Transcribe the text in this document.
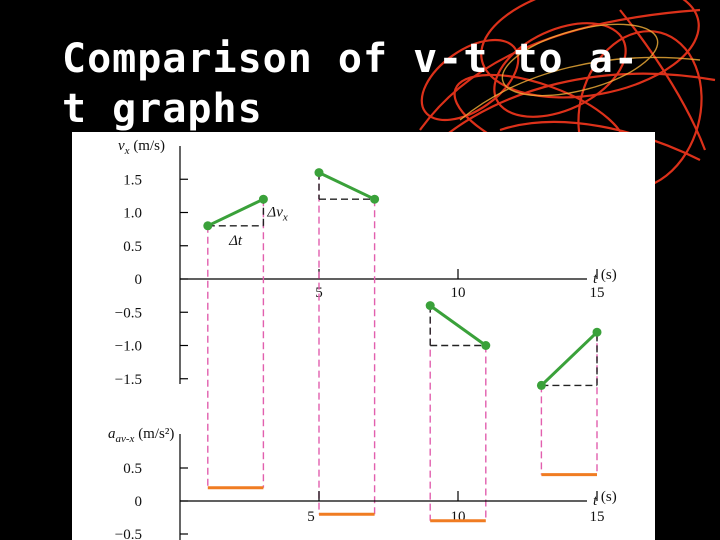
Comparison of v-t to a-t graphs
$v_x$ (m/s)
t (s)
1.5
1.0
0.5
0
−0.5
−1.0
−1.5
5	10	15
$\Delta v_x$
Δt
$a_{av-x}$ (m/s²)
t (s)
0.5
0
−0.5
5	10	15
